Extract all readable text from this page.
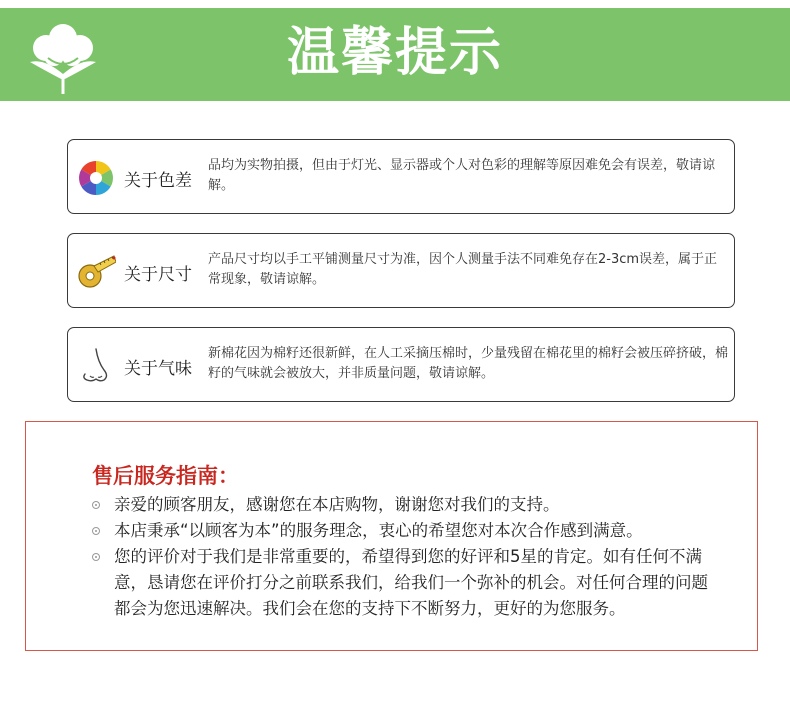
温馨提示
关于色差
品均为实物拍摄，但由于灯光、显示器或个人对色彩的理解等原因难免会有误差，敬请谅解。
关于尺寸
产品尺寸均以手工平铺测量尺寸为准，因个人测量手法不同难免存在2-3cm误差，属于正常现象，敬请谅解。
关于气味
新棉花因为棉籽还很新鲜，在人工采摘压棉时，少量残留在棉花里的棉籽会被压碎挤破，棉籽的气味就会被放大，并非质量问题，敬请谅解。
售后服务指南：
亲爱的顾客朋友，感谢您在本店购物，谢谢您对我们的支持。
本店秉承“以顾客为本”的服务理念，衷心的希望您对本次合作感到满意。
您的评价对于我们是非常重要的，希望得到您的好评和5星的肯定。如有任何不满意，恳请您在评价打分之前联系我们，给我们一个弥补的机会。对任何合理的问题都会为您迅速解决。我们会在您的支持下不断努力，更好的为您服务。
